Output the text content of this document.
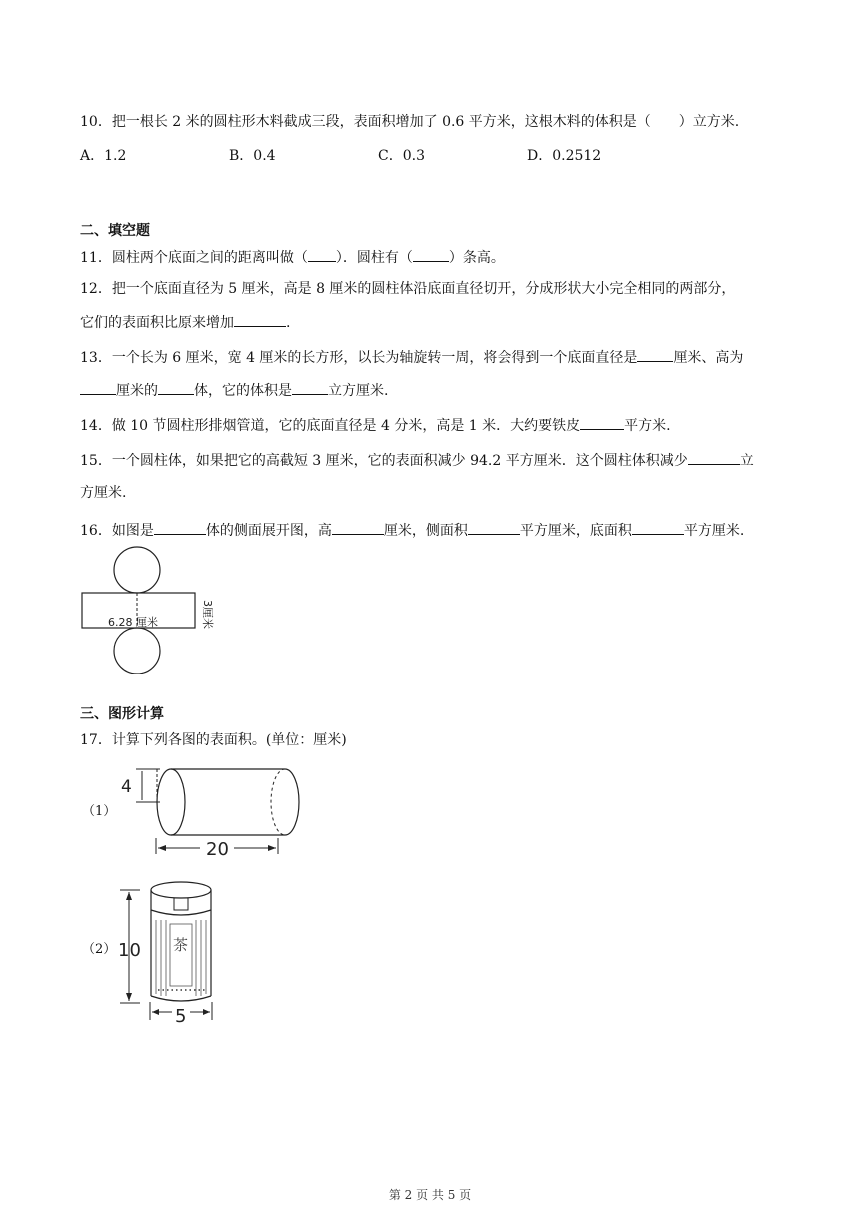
10．把一根长 2 米的圆柱形木料截成三段，表面积增加了 0.6 平方米，这根木料的体积是（　　）立方米.
A．1.2	B．0.4	C．0.3	D．0.2512
二、填空题
11．圆柱两个底面之间的距离叫做（ ）．圆柱有（	）条高。
12．把一个底面直径为 5 厘米，高是 8 厘米的圆柱体沿底面直径切开，分成形状大小完全相同的两部分，
它们的表面积比原来增加	.
13．一个长为 6 厘米，宽 4 厘米的长方形，以长为轴旋转一周，将会得到一个底面直径是	厘米、高为
厘米的	体，它的体积是	立方厘米.
14．做 10 节圆柱形排烟管道，它的底面直径是 4 分米，高是 1 米．大约要铁皮	平方米.
15．一个圆柱体，如果把它的高截短 3 厘米，它的表面积减少 94.2 平方厘米．这个圆柱体积减少	立
方厘米.
16．如图是	体的侧面展开图，高	厘米，侧面积	平方厘米，底面积	平方厘米.
6.28 厘米	3厘米
三、图形计算
17．计算下列各图的表面积。(单位：厘米)
（1）
4
20
（2） 10 茶
5
第 2 页 共 5 页
